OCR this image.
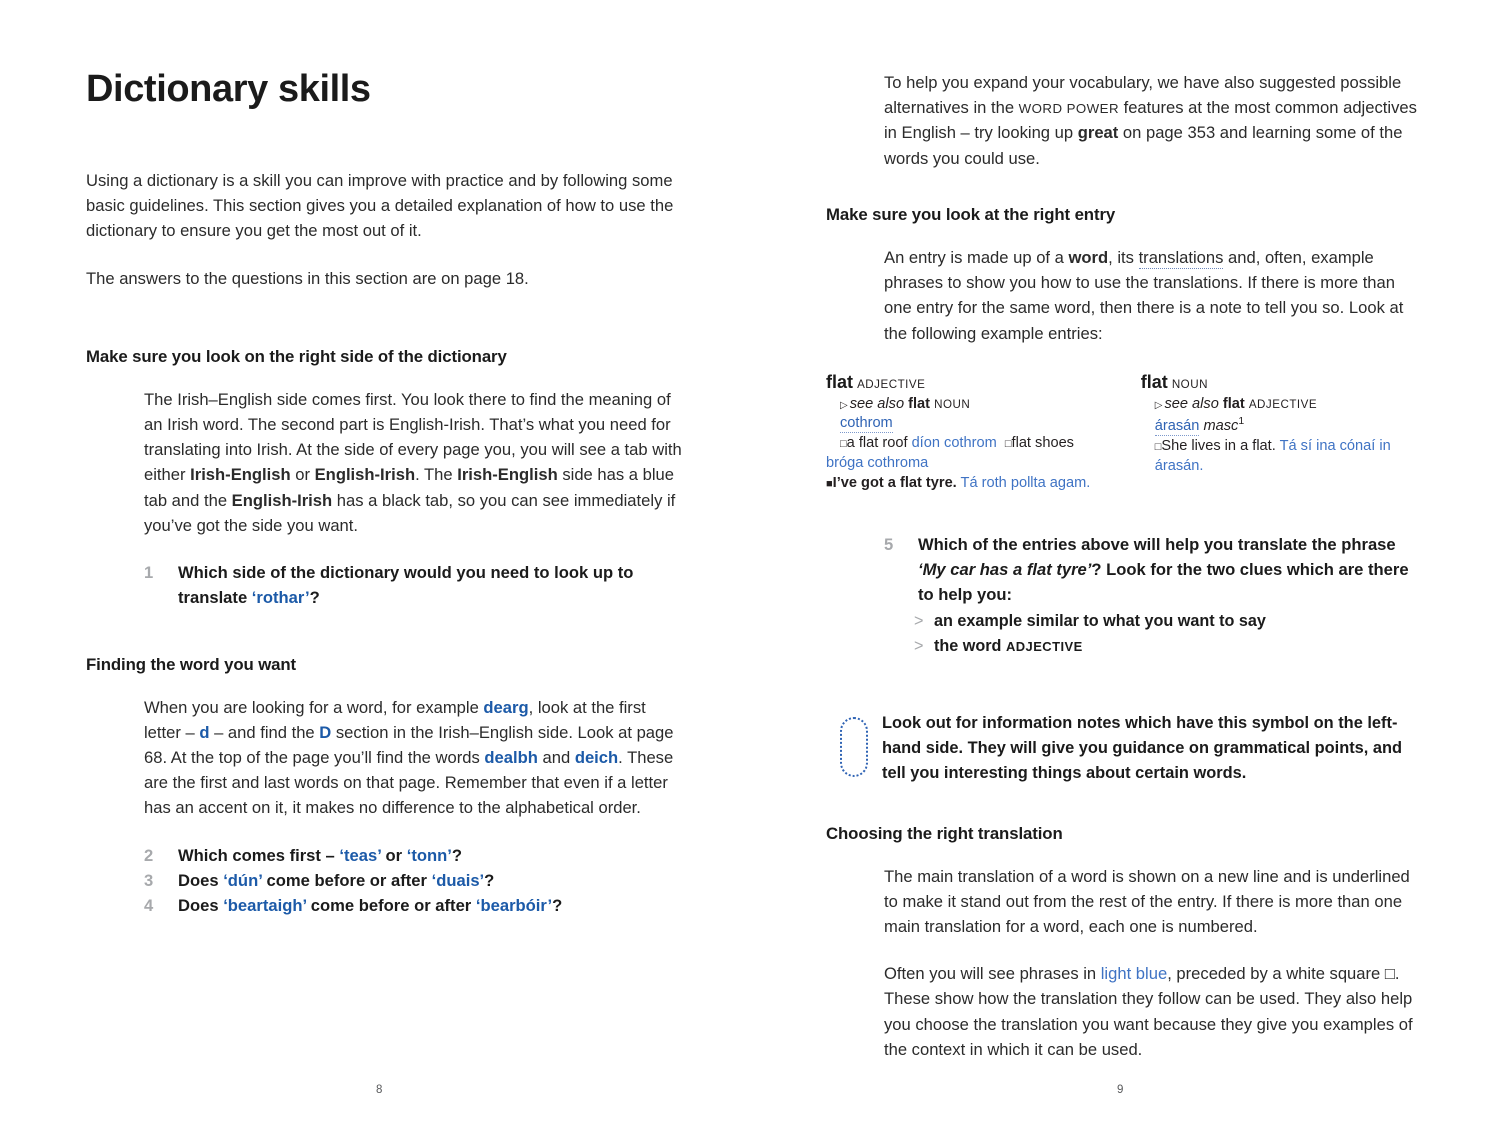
Dictionary skills

Using a dictionary is a skill you can improve with practice and by following some basic guidelines. This section gives you a detailed explanation of how to use the dictionary to ensure you get the most out of it.

The answers to the questions in this section are on page 18.

Make sure you look on the right side of the dictionary

The Irish–English side comes first. You look there to find the meaning of an Irish word. The second part is English-Irish. That’s what you need for translating into Irish. At the side of every page you, you will see a tab with either Irish-English or English-Irish. The Irish-English side has a blue tab and the English-Irish has a black tab, so you can see immediately if you’ve got the side you want.

1 Which side of the dictionary would you need to look up to translate ‘rothar’?
Finding the word you want

When you are looking for a word, for example dearg, look at the first letter – d – and find the D section in the Irish–English side. Look at page 68. At the top of the page you’ll find the words dealbh and deich. These are the first and last words on that page. Remember that even if a letter has an accent on it, it makes no difference to the alphabetical order.

2 Which comes first – ‘teas’ or ‘tonn’?
3 Does ‘dún’ come before or after ‘duais’?
4 Does ‘beartaigh’ come before or after ‘bearbóir’?
8

To help you expand your vocabulary, we have also suggested possible alternatives in the WORD POWER features at the most common adjectives in English – try looking up great on page 353 and learning some of the words you could use.

Make sure you look at the right entry

An entry is made up of a word, its translations and, often, example phrases to show you how to use the translations. If there is more than one entry for the same word, then there is a note to tell you so. Look at the following example entries:

flat ADJECTIVE
▷ see also flat NOUN
cothrom
□a flat roof díon cothrom □flat shoes
bróga cothroma
■I’ve got a flat tyre. Tá roth pollta agam.
flat NOUN
▷ see also flat ADJECTIVE
árasán masc$^1$
□She lives in a flat. Tá sí ina cónaí in árasán.
5 Which of the entries above will help you translate the phrase ‘My car has a flat tyre’? Look for the two clues which are there to help you:
> an example similar to what you want to say
> the word ADJECTIVE

Look out for information notes which have this symbol on the left-hand side. They will give you guidance on grammatical points, and tell you interesting things about certain words.

Choosing the right translation

The main translation of a word is shown on a new line and is underlined to make it stand out from the rest of the entry. If there is more than one main translation for a word, each one is numbered.

Often you will see phrases in light blue, preceded by a white square □. These show how the translation they follow can be used. They also help you choose the translation you want because they give you examples of the context in which it can be used.

9
